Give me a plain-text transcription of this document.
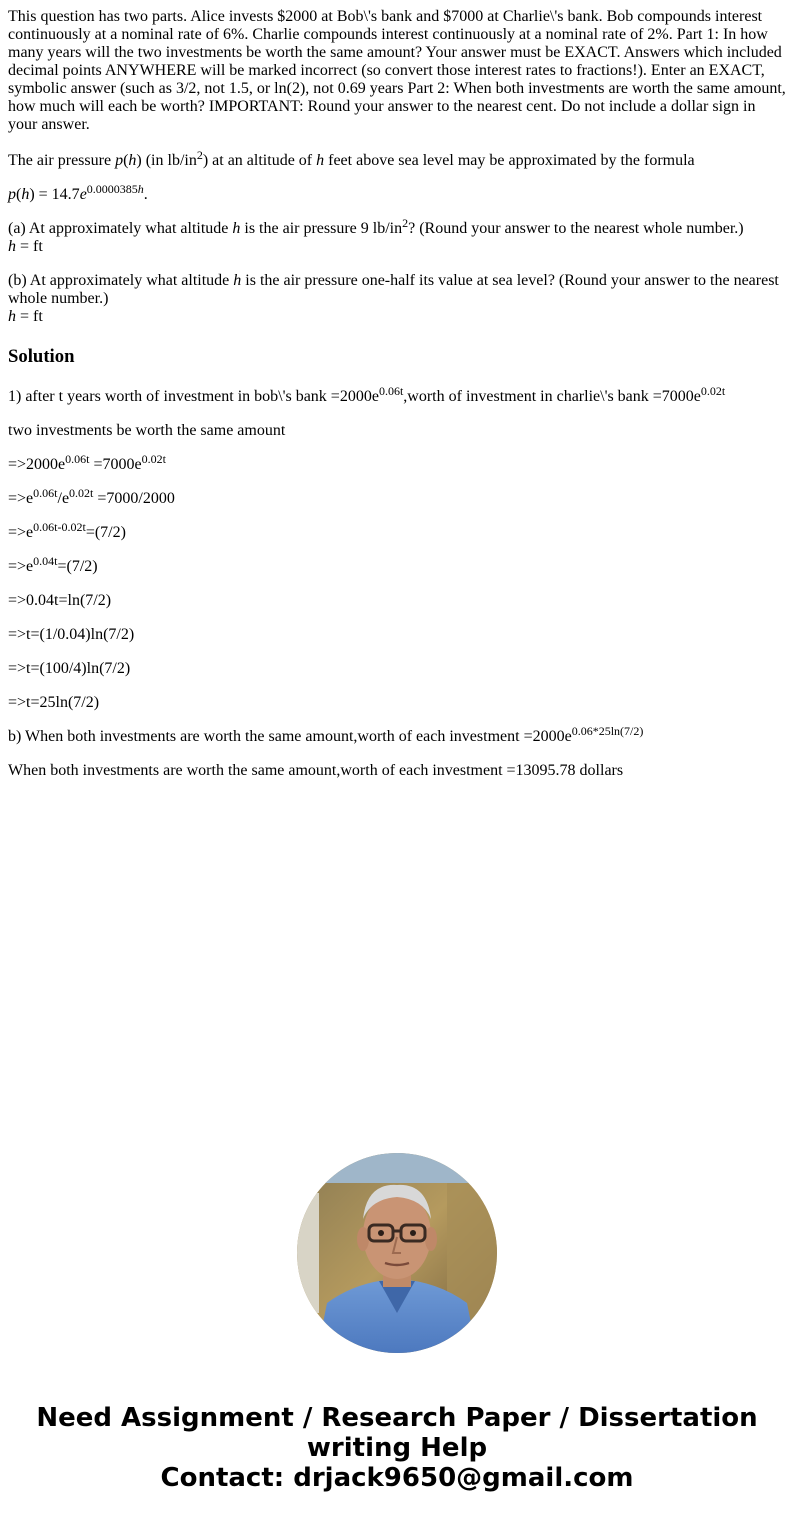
This question has two parts. Alice invests $2000 at Bob\'s bank and $7000 at Charlie\'s bank. Bob compounds interest continuously at a nominal rate of 6%. Charlie compounds interest continuously at a nominal rate of 2%. Part 1: In how many years will the two investments be worth the same amount? Your answer must be EXACT. Answers which included decimal points ANYWHERE will be marked incorrect (so convert those interest rates to fractions!). Enter an EXACT, symbolic answer (such as 3/2, not 1.5, or ln(2), not 0.69 years Part 2: When both investments are worth the same amount, how much will each be worth? IMPORTANT: Round your answer to the nearest cent. Do not include a dollar sign in your answer.

The air pressure p(h) (in $lb/in^2$) at an altitude of h feet above sea level may be approximated by the formula

$p(h) = 14.7e^{0.0000385h}$.

(a) At approximately what altitude h is the air pressure 9 $lb/in^2$? (Round your answer to the nearest whole number.)

h = ft

(b) At approximately what altitude h is the air pressure one-half its value at sea level? (Round your answer to the nearest whole number.)

h = ft

Solution

1) after t years worth of investment in bob\'s bank $=2000e^{0.06t},worth$ of investment in charlie\'s bank $=7000e^{0.02t}$

two investments be worth the same amount

$=>2000e^{0.06t} =7000e^{0.02t}$

$=>e^{0.06t}/e^{0.02t} =7000/2000$

$=>e^{0.06t-0.02t}=(7/2)$

$=>e^{0.04t}=(7/2)$

=>0.04t=ln(7/2)

=>t=(1/0.04)ln(7/2)

=>t=(100/4)ln(7/2)

=>t=25ln(7/2)

b) When both investments are worth the same amount,worth of each investment $=2000e^{0.06*25ln(7/2)}$

When both investments are worth the same amount,worth of each investment =13095.78 dollars

Need Assignment / Research Paper / Dissertation
writing Help
Contact: drjack9650@gmail.com
